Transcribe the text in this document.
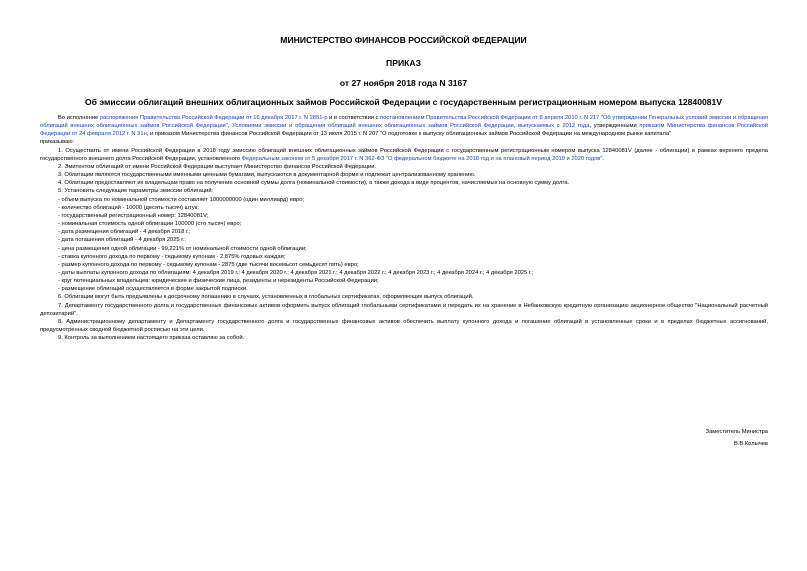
МИНИСТЕРСТВО ФИНАНСОВ РОССИЙСКОЙ ФЕДЕРАЦИИ
ПРИКАЗ
от 27 ноября 2018 года N 3167
Об эмиссии облигаций внешних облигационных займов Российской Федерации с государственным регистрационным номером выпуска 12840081V

Во исполнение распоряжения Правительства Российской Федерации от 16 декабря 2017 г. N 2851-р и в соответствии с постановлением Правительства Российской Федерации от 8 апреля 2010 г. N 217 "Об утверждении Генеральных условий эмиссии и обращения облигаций внешних облигационных займов Российской Федерации", Условиями эмиссии и обращения облигаций внешних облигационных займов Российской Федерации, выпускаемых с 2012 года, утвержденными приказом Министерства финансов Российской Федерации от 24 февраля 2012 г. N 31н, и приказом Министерства финансов Российской Федерации от 13 июля 2015 г. N 207 "О подготовке к выпуску облигационных займов Российской Федерации на международном рынке капитала"

приказываю:

1. Осуществить от имени Российской Федерации в 2018 году эмиссию облигаций внешних облигационных займов Российской Федерации с государственным регистрационным номером выпуска 12840081V (далее - облигации) в рамках верхнего предела государственного внешнего долга Российской Федерации, установленного Федеральным законом от 5 декабря 2017 г. N 362-ФЗ "О федеральном бюджете на 2018 год и на плановый период 2019 и 2020 годов".

2. Эмитентом облигаций от имени Российской Федерации выступает Министерство финансов Российской Федерации.

3. Облигации являются государственными именными ценными бумагами, выпускаются в документарной форме и подлежат централизованному хранению.

4. Облигации предоставляют их владельцам право на получение основной суммы долга (номинальной стоимости), а также дохода в виде процентов, начисляемых на основную сумму долга.

5. Установить следующие параметры эмиссии облигаций:

- объем выпуска по номинальной стоимости составляет 1000000000 (один миллиард) евро;

- количество облигаций - 10000 (десять тысяч) штук;

- государственный регистрационный номер: 12840081V;

- номинальная стоимость одной облигации 100000 (сто тысяч) евро;

- дата размещения облигаций - 4 декабря 2018 г.;

- дата погашения облигаций - 4 декабря 2025 г.;

- цена размещения одной облигации - 99,221% от номинальной стоимости одной облигации;

- ставка купонного дохода по первому - седьмому купонам - 2,875% годовых каждая;

- размер купонного дохода по первому - седьмому купонам - 2875 (две тысячи восемьсот семьдесят пять) евро;

- даты выплаты купонного дохода по облигациям: 4 декабря 2019 г.; 4 декабря 2020 г.; 4 декабря 2021 г.; 4 декабря 2022 г.; 4 декабря 2023 г.; 4 декабря 2024 г.; 4 декабря 2025 г.;

- круг потенциальных владельцев: юридические и физические лица, резиденты и нерезиденты Российской Федерации;

- размещение облигаций осуществляется в форме закрытой подписки.

6. Облигации могут быть предъявлены к досрочному погашению в случаях, установленных в глобальных сертификатах, оформляющих выпуск облигаций.

7. Департаменту государственного долга и государственных финансовых активов оформить выпуск облигаций глобальными сертификатами и передать их на хранение в Небанковскую кредитную организацию акционерное общество "Национальный расчетный депозитарий".

8. Администрационному департаменту и Департаменту государственного долга и государственных финансовых активов обеспечить выплату купонного дохода и погашение облигаций в установленные сроки и в пределах бюджетных ассигнований, предусмотренных сводной бюджетной росписью на эти цели.

9. Контроль за выполнением настоящего приказа оставляю за собой.

Заместитель Министра
В.В.Колычев
